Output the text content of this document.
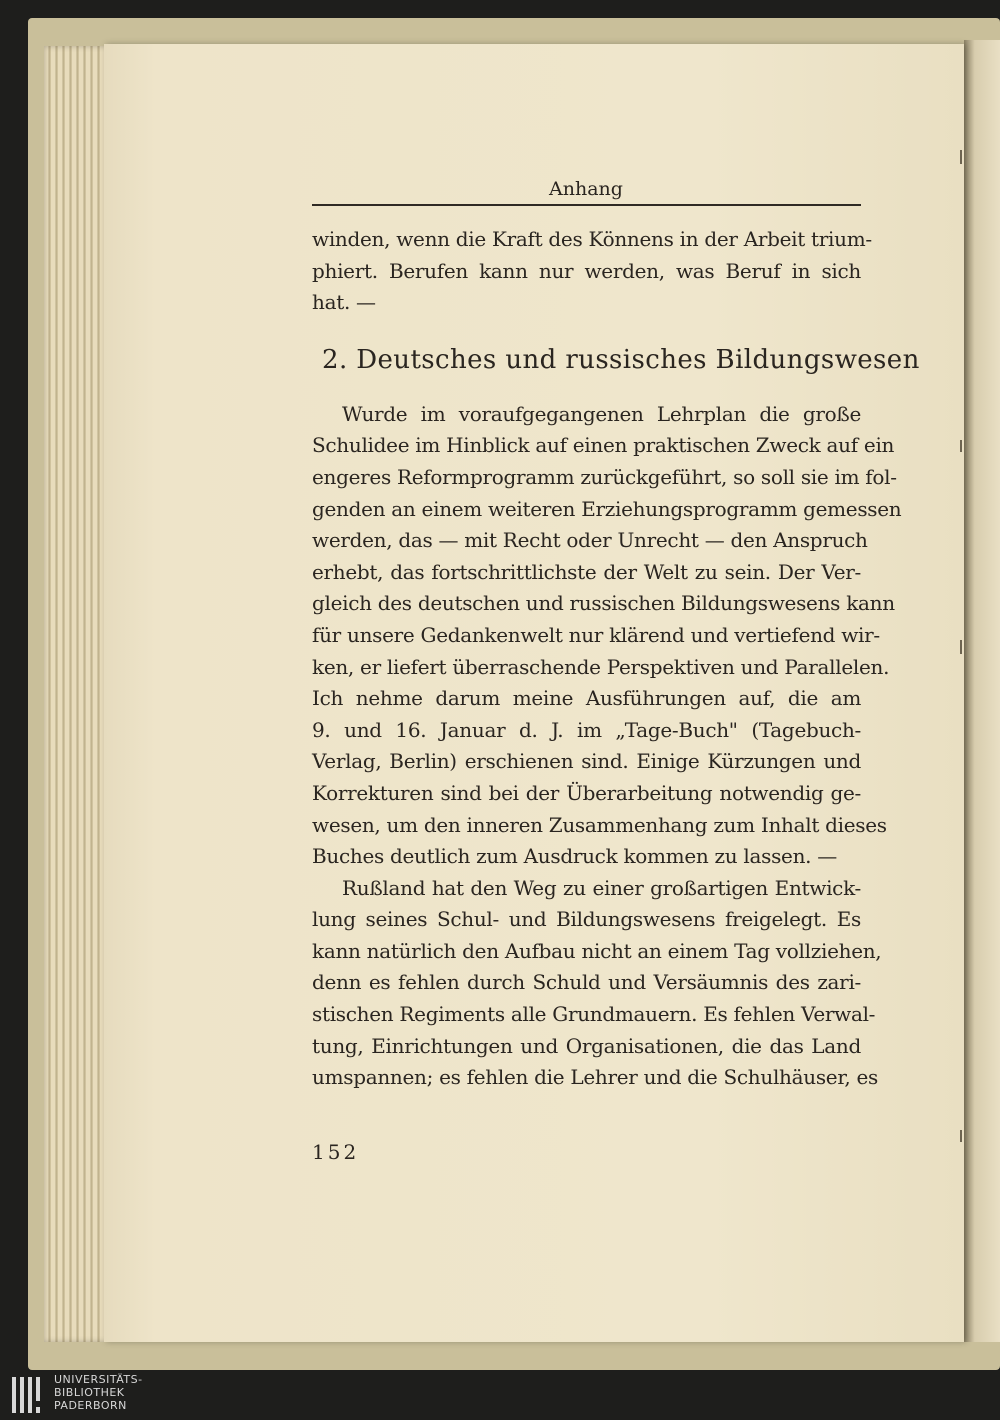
Anhang
winden, wenn die Kraft des Könnens in der Arbeit trium-
phiert. Berufen kann nur werden, was Beruf in sich
hat. —
2. Deutsches und russisches Bildungswesen
Wurde im voraufgegangenen Lehrplan die große
Schulidee im Hinblick auf einen praktischen Zweck auf ein
engeres Reformprogramm zurückgeführt, so soll sie im fol-
genden an einem weiteren Erziehungsprogramm gemessen
werden, das — mit Recht oder Unrecht — den Anspruch
erhebt, das fortschrittlichste der Welt zu sein. Der Ver-
gleich des deutschen und russischen Bildungswesens kann
für unsere Gedankenwelt nur klärend und vertiefend wir-
ken, er liefert überraschende Perspektiven und Parallelen.
Ich nehme darum meine Ausführungen auf, die am
9. und 16. Januar d. J. im „Tage-Buch" (Tagebuch-
Verlag, Berlin) erschienen sind. Einige Kürzungen und
Korrekturen sind bei der Überarbeitung notwendig ge-
wesen, um den inneren Zusammenhang zum Inhalt dieses
Buches deutlich zum Ausdruck kommen zu lassen. —
Rußland hat den Weg zu einer großartigen Entwick-
lung seines Schul- und Bildungswesens freigelegt. Es
kann natürlich den Aufbau nicht an einem Tag vollziehen,
denn es fehlen durch Schuld und Versäumnis des zari-
stischen Regiments alle Grundmauern. Es fehlen Verwal-
tung, Einrichtungen und Organisationen, die das Land
umspannen; es fehlen die Lehrer und die Schulhäuser, es
152
UNIVERSITÄTS-
BIBLIOTHEK
PADERBORN
